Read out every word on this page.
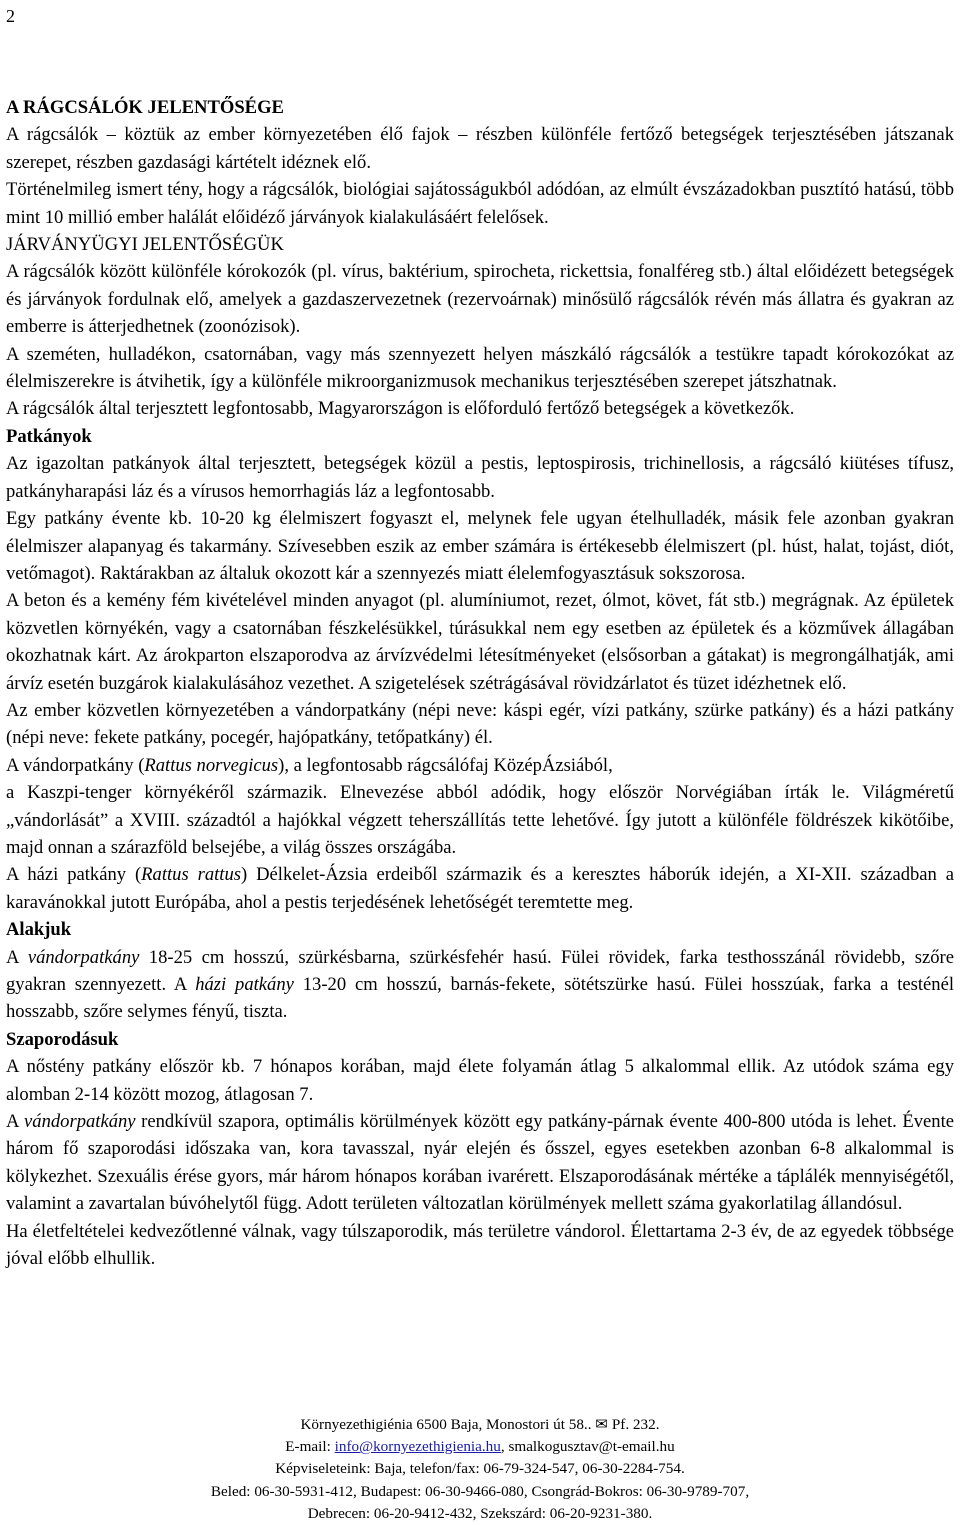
2
A RÁGCSÁLÓK JELENTŐSÉGE

A rágcsálók – köztük az ember környezetében élő fajok – részben különféle fertőző betegségek terjesztésében játszanak szerepet, részben gazdasági kártételt idéznek elő.

Történelmileg ismert tény, hogy a rágcsálók, biológiai sajátosságukból adódóan, az elmúlt évszázadokban pusztító hatású, több mint 10 millió ember halálát előidéző járványok kialakulásáért felelősek.

JÁRVÁNYÜGYI JELENTŐSÉGÜK

A rágcsálók között különféle kórokozók (pl. vírus, baktérium, spirocheta, rickettsia, fonalféreg stb.) által előidézett betegségek és járványok fordulnak elő, amelyek a gazdaszervezetnek (rezervoárnak) minősülő rágcsálók révén más állatra és gyakran az emberre is átterjedhetnek (zoonózisok).

A szeméten, hulladékon, csatornában, vagy más szennyezett helyen mászkáló rágcsálók a testükre tapadt kórokozókat az élelmiszerekre is átvihetik, így a különféle mikroorganizmusok mechanikus terjesztésében szerepet játszhatnak.

A rágcsálók által terjesztett legfontosabb, Magyarországon is előforduló fertőző betegségek a következők.

Patkányok

Az igazoltan patkányok által terjesztett, betegségek közül a pestis, leptospirosis, trichinellosis, a rágcsáló kiütéses tífusz, patkányharapási láz és a vírusos hemorrhagiás láz a legfontosabb.

Egy patkány évente kb. 10-20 kg élelmiszert fogyaszt el, melynek fele ugyan ételhulladék, másik fele azonban gyakran élelmiszer alapanyag és takarmány. Szívesebben eszik az ember számára is értékesebb élelmiszert (pl. húst, halat, tojást, diót, vetőmagot). Raktárakban az általuk okozott kár a szennyezés miatt élelemfogyasztásuk sokszorosa.

A beton és a kemény fém kivételével minden anyagot (pl. alumíniumot, rezet, ólmot, követ, fát stb.) megrágnak. Az épületek közvetlen környékén, vagy a csatornában fészkelésükkel, túrásukkal nem egy esetben az épületek és a közművek állagában okozhatnak kárt. Az árokparton elszaporodva az árvízvédelmi létesítményeket (elsősorban a gátakat) is megrongálhatják, ami árvíz esetén buzgárok kialakulásához vezethet. A szigetelések szétrágásával rövidzárlatot és tüzet idézhetnek elő.

Az ember közvetlen környezetében a vándorpatkány (népi neve: káspi egér, vízi patkány, szürke patkány) és a házi patkány (népi neve: fekete patkány, pocegér, hajópatkány, tetőpatkány) él.

A vándorpatkány (Rattus norvegicus), a legfontosabb rágcsálófaj KözépÁzsiából,

a Kaszpi-tenger környékéről származik. Elnevezése abból adódik, hogy először Norvégiában írták le. Világméretű „vándorlását” a XVIII. századtól a hajókkal végzett teherszállítás tette lehetővé. Így jutott a különféle földrészek kikötőibe, majd onnan a szárazföld belsejébe, a világ összes országába.

A házi patkány (Rattus rattus) Délkelet-Ázsia erdeiből származik és a keresztes háborúk idején, a XI-XII. században a karavánokkal jutott Európába, ahol a pestis terjedésének lehetőségét teremtette meg.

Alakjuk

A vándorpatkány 18-25 cm hosszú, szürkésbarna, szürkésfehér hasú. Fülei rövidek, farka testhosszánál rövidebb, szőre gyakran szennyezett. A házi patkány 13-20 cm hosszú, barnás-fekete, sötétszürke hasú. Fülei hosszúak, farka a testénél hosszabb, szőre selymes fényű, tiszta.

Szaporodásuk

A nőstény patkány először kb. 7 hónapos korában, majd élete folyamán átlag 5 alkalommal ellik. Az utódok száma egy alomban 2-14 között mozog, átlagosan 7.

A vándorpatkány rendkívül szapora, optimális körülmények között egy patkány-párnak évente 400-800 utóda is lehet. Évente három fő szaporodási időszaka van, kora tavasszal, nyár elején és ősszel, egyes esetekben azonban 6-8 alkalommal is kölykezhet. Szexuális érése gyors, már három hónapos korában ivarérett. Elszaporodásának mértéke a táplálék mennyiségétől, valamint a zavartalan búvóhelytől függ. Adott területen változatlan körülmények mellett száma gyakorlatilag állandósul.

Ha életfeltételei kedvezőtlenné válnak, vagy túlszaporodik, más területre vándorol. Élettartama 2-3 év, de az egyedek többsége jóval előbb elhullik.

Környezethigiénia 6500 Baja, Monostori út 58.. ✉ Pf. 232.
E-mail: info@kornyezethigienia.hu, smalkogusztav@t-email.hu
Képviseleteink: Baja, telefon/fax: 06-79-324-547, 06-30-2284-754.
Beled: 06-30-5931-412, Budapest: 06-30-9466-080, Csongrád-Bokros: 06-30-9789-707,
Debrecen: 06-20-9412-432, Szekszárd: 06-20-9231-380.
